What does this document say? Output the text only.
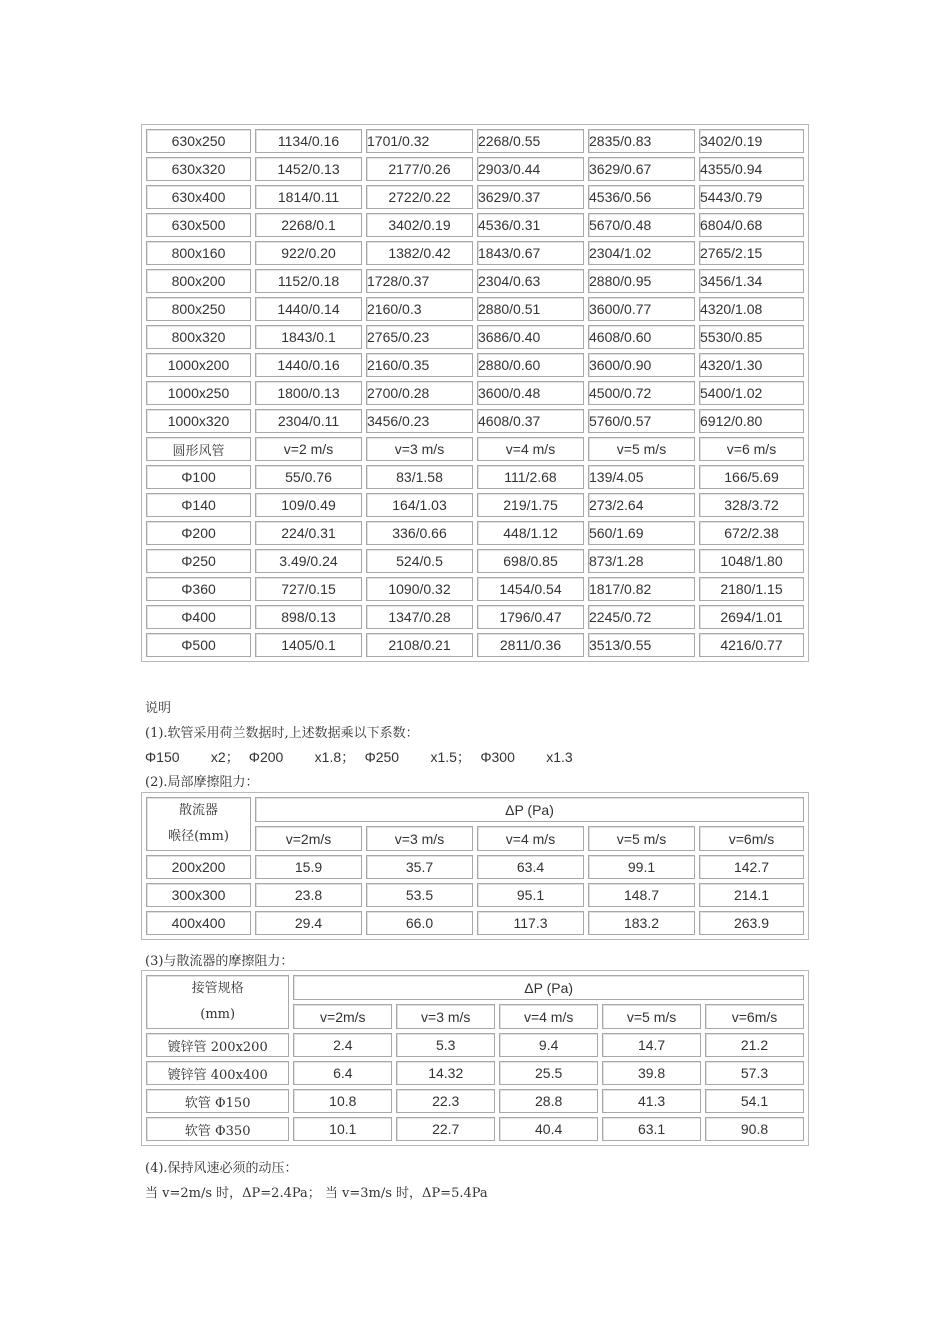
630x250	1134/0.16	1701/0.32	2268/0.55	2835/0.83	3402/0.19
630x320	1452/0.13	2177/0.26	2903/0.44	3629/0.67	4355/0.94
630x400	1814/0.11	2722/0.22	3629/0.37	4536/0.56	5443/0.79
630x500	2268/0.1	3402/0.19	4536/0.31	5670/0.48	6804/0.68
800x160	922/0.20	1382/0.42	1843/0.67	2304/1.02	2765/2.15
800x200	1152/0.18	1728/0.37	2304/0.63	2880/0.95	3456/1.34
800x250	1440/0.14	2160/0.3	2880/0.51	3600/0.77	4320/1.08
800x320	1843/0.1	2765/0.23	3686/0.40	4608/0.60	5530/0.85
1000x200	1440/0.16	2160/0.35	2880/0.60	3600/0.90	4320/1.30
1000x250	1800/0.13	2700/0.28	3600/0.48	4500/0.72	5400/1.02
1000x320	2304/0.11	3456/0.23	4608/0.37	5760/0.57	6912/0.80
圆形风管	v=2 m/s	v=3 m/s	v=4 m/s	v=5 m/s	v=6 m/s
Φ100	55/0.76	83/1.58	111/2.68	139/4.05	166/5.69
Φ140	109/0.49	164/1.03	219/1.75	273/2.64	328/3.72
Φ200	224/0.31	336/0.66	448/1.12	560/1.69	672/2.38
Φ250	3.49/0.24	524/0.5	698/0.85	873/1.28	1048/1.80
Φ360	727/0.15	1090/0.32	1454/0.54	1817/0.82	2180/1.15
Φ400	898/0.13	1347/0.28	1796/0.47	2245/0.72	2694/1.01
Φ500	1405/0.1	2108/0.21	2811/0.36	3513/0.55	4216/0.77
说明
(1).软管采用荷兰数据时,上述数据乘以下系数：
Φ150 x2； Φ200 x1.8； Φ250 x1.5； Φ300 x1.3
(2).局部摩擦阻力：
散流器
喉径(mm)	ΔP (Pa)				
	v=2m/s	v=3 m/s	v=4 m/s	v=5 m/s	v=6m/s
200x200	15.9	35.7	63.4	99.1	142.7
300x300	23.8	53.5	95.1	148.7	214.1
400x400	29.4	66.0	117.3	183.2	263.9
(3)与散流器的摩擦阻力：
接管规格
(mm)	ΔP (Pa)				
	v=2m/s	v=3 m/s	v=4 m/s	v=5 m/s	v=6m/s
镀锌管 200x200	2.4	5.3	9.4	14.7	21.2
镀锌管 400x400	6.4	14.32	25.5	39.8	57.3
软管 Φ150	10.8	22.3	28.8	41.3	54.1
软管 Φ350	10.1	22.7	40.4	63.1	90.8
(4).保持风速必须的动压：
当 v=2m/s 时，ΔP=2.4Pa； 当 v=3m/s 时，ΔP=5.4Pa
